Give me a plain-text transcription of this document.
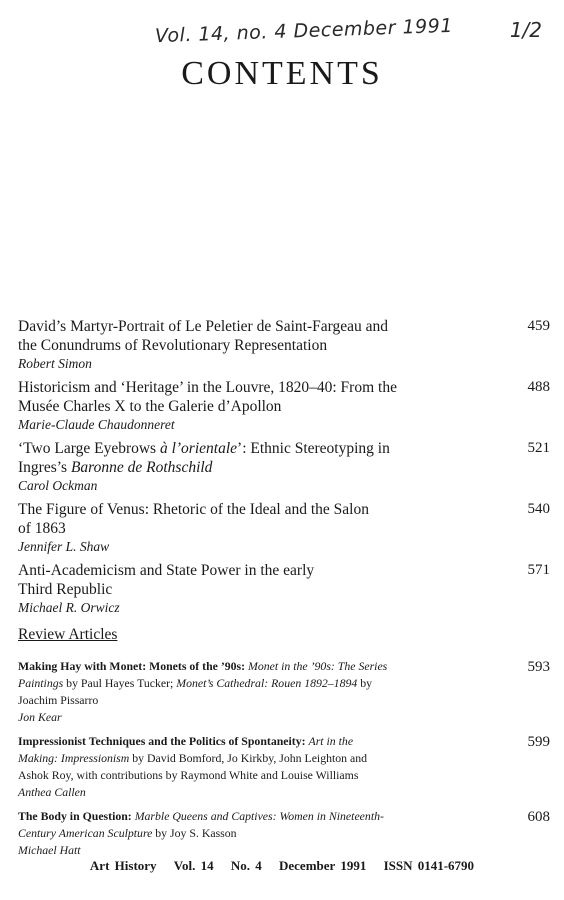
Vol. 14, no. 4 December 1991	1/2
CONTENTS
David’s Martyr-Portrait of Le Peletier de Saint-Fargeau and
the Conundrums of Revolutionary Representation
Robert Simon
459
Historicism and ‘Heritage’ in the Louvre, 1820–40: From the
Musée Charles X to the Galerie d’Apollon
Marie-Claude Chaudonneret
488
‘Two Large Eyebrows à l’orientale’: Ethnic Stereotyping in
Ingres’s Baronne de Rothschild
Carol Ockman
521
The Figure of Venus: Rhetoric of the Ideal and the Salon
of 1863
Jennifer L. Shaw
540
Anti-Academicism and State Power in the early
Third Republic
Michael R. Orwicz
571
Review Articles
Making Hay with Monet: Monets of the ’90s: Monet in the ’90s: The Series
Paintings by Paul Hayes Tucker; Monet’s Cathedral: Rouen 1892–1894 by
Joachim Pissarro
Jon Kear
593
Impressionist Techniques and the Politics of Spontaneity: Art in the
Making: Impressionism by David Bomford, Jo Kirkby, John Leighton and
Ashok Roy, with contributions by Raymond White and Louise Williams
Anthea Callen
599
The Body in Question: Marble Queens and Captives: Women in Nineteenth-
Century American Sculpture by Joy S. Kasson
Michael Hatt
608
Art History Vol. 14 No. 4 December 1991 ISSN 0141-6790
